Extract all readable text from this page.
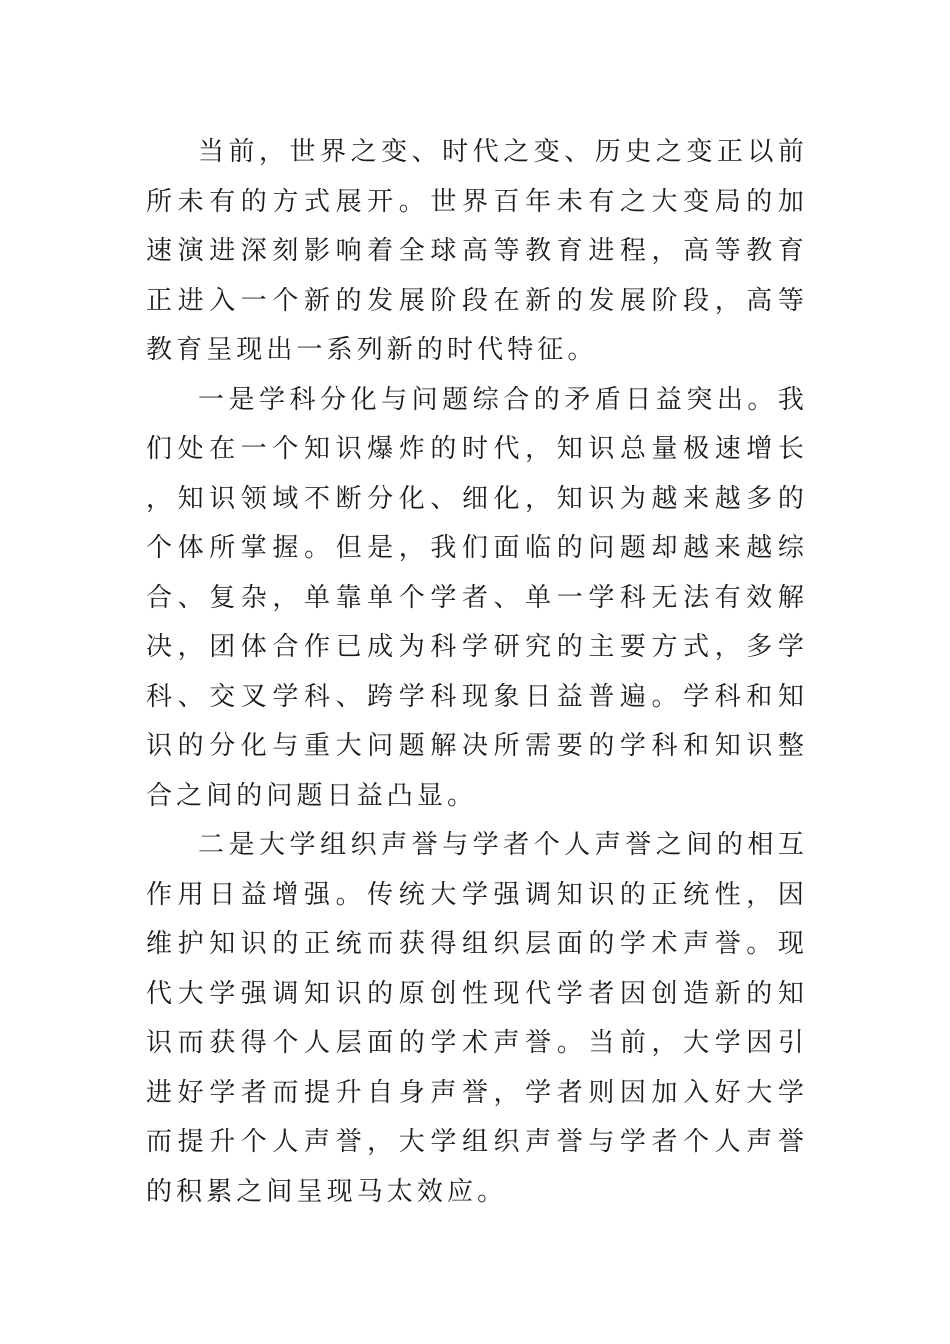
当前，世界之变、时代之变、历史之变正以前所未有的方式展开。世界百年未有之大变局的加速演进深刻影响着全球高等教育进程，高等教育正进入一个新的发展阶段在新的发展阶段，高等教育呈现出一系列新的时代特征。

一是学科分化与问题综合的矛盾日益突出。我们处在一个知识爆炸的时代，知识总量极速增长，知识领域不断分化、细化，知识为越来越多的个体所掌握。但是，我们面临的问题却越来越综合、复杂，单靠单个学者、单一学科无法有效解决，团体合作已成为科学研究的主要方式，多学科、交叉学科、跨学科现象日益普遍。学科和知识的分化与重大问题解决所需要的学科和知识整合之间的问题日益凸显。

二是大学组织声誉与学者个人声誉之间的相互作用日益增强。传统大学强调知识的正统性，因维护知识的正统而获得组织层面的学术声誉。现代大学强调知识的原创性现代学者因创造新的知识而获得个人层面的学术声誉。当前，大学因引进好学者而提升自身声誉，学者则因加入好大学而提升个人声誉，大学组织声誉与学者个人声誉的积累之间呈现马太效应。
